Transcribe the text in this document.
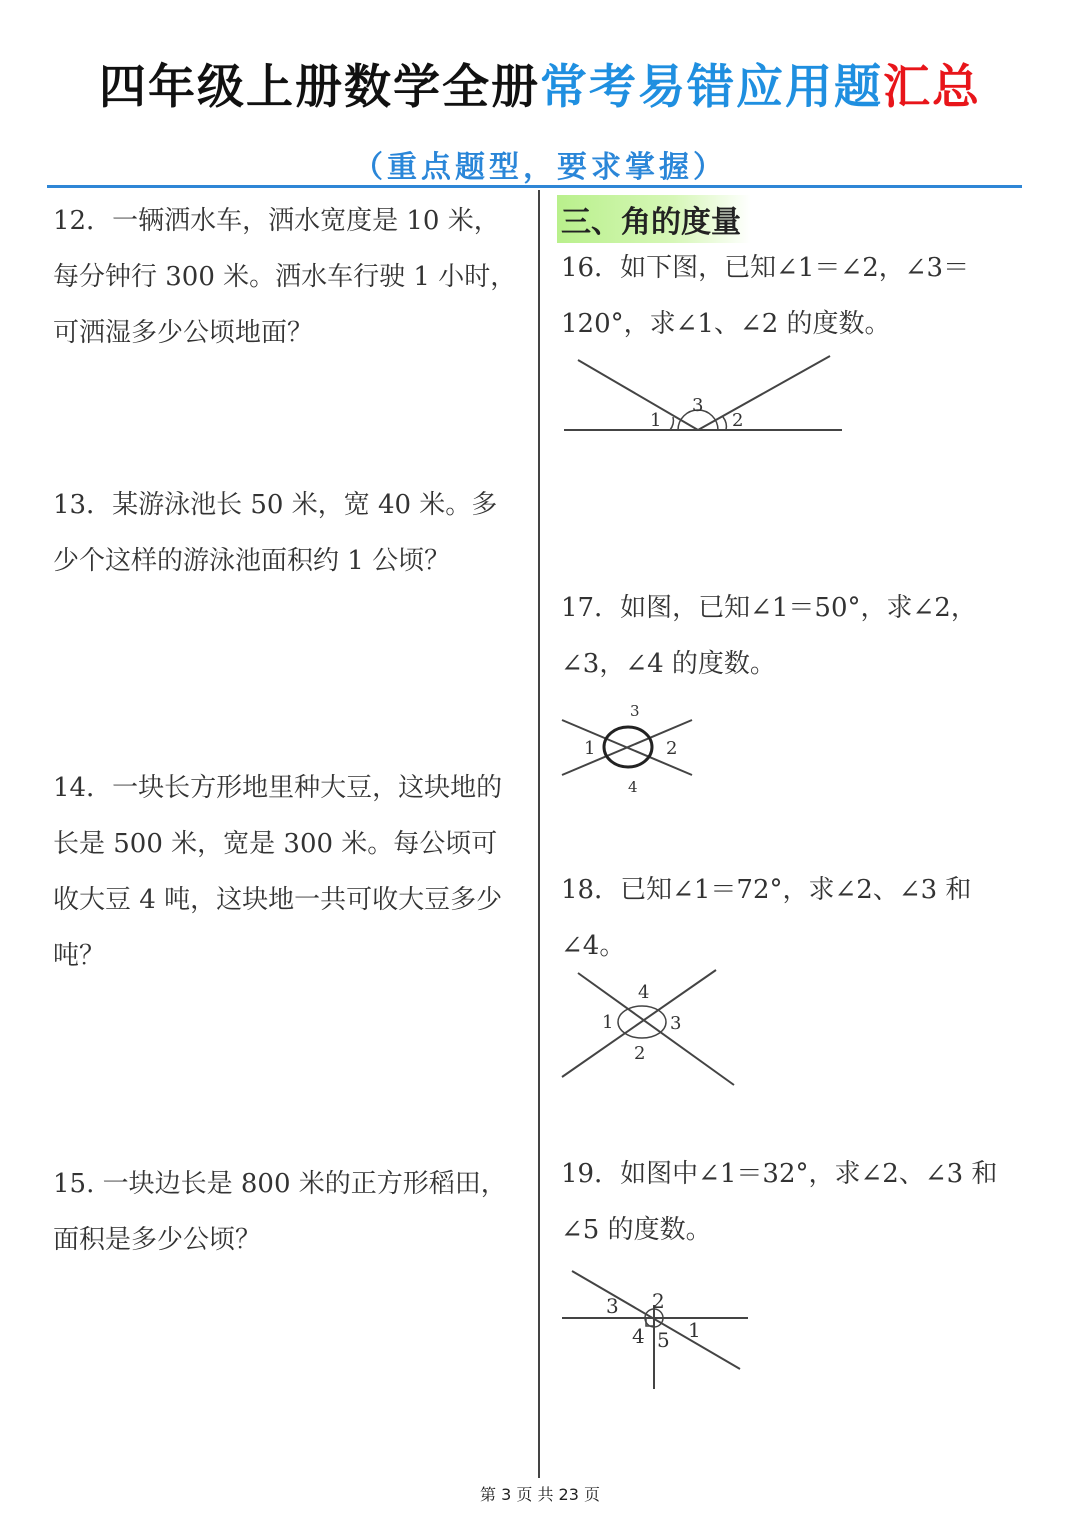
四年级上册数学全册常考易错应用题汇总
（重点题型，要求掌握）
12．一辆洒水车，洒水宽度是 10 米，每分钟行 300 米。洒水车行驶 1 小时，可洒湿多少公顷地面？
13．某游泳池长 50 米，宽 40 米。多少个这样的游泳池面积约 1 公顷？
14．一块长方形地里种大豆，这块地的长是 500 米，宽是 300 米。每公顷可收大豆 4 吨，这块地一共可收大豆多少吨？
15. 一块边长是 800 米的正方形稻田，面积是多少公顷？
三、角的度量
16．如下图，已知∠1＝∠2，∠3＝120°，求∠1、∠2 的度数。
1	2
3
17．如图，已知∠1＝50°，求∠2，∠3，∠4 的度数。
1	2
3
4
18．已知∠1＝72°，求∠2、∠3 和∠4。
1
2
3
4
19．如图中∠1＝32°，求∠2、∠3 和∠5 的度数。
1
2
3
4 5
第 3 页 共 23 页
